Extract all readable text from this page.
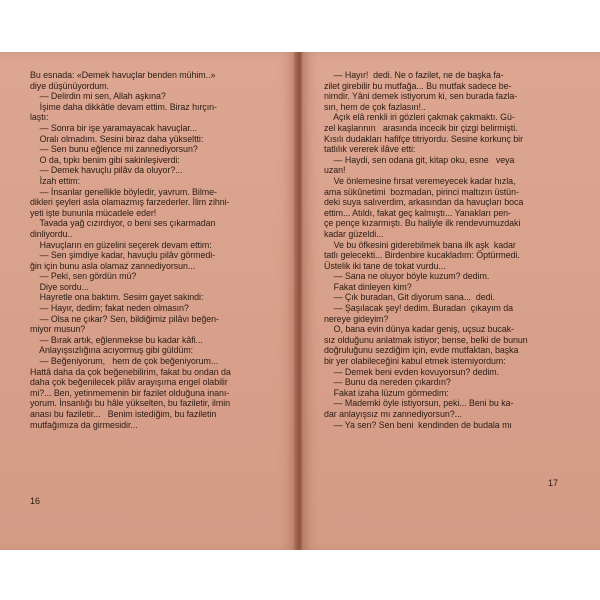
Bu esnada: «Demek havuçlar benden mühim..»
diye düşünüyordum.
— Delirdin mi sen, Allah aşkına?
İşime daha dikkâtle devam ettim. Biraz hırçın-
laştı:
— Sonra bir işe yaramayacak havuçlar...
Oralı olmadım. Sesini biraz daha yükseltti:
— Sen bunu eğlence mi zannediyorsun?
O da, tıpkı benim gibi sakinleşiverdi:
— Demek havuçlu pilâv da oluyor?...
İzah ettim:
— İnsanlar genellikle böyledir, yavrum. Bilme-
dikleri şeyleri asla olamazmış farzederler. İlim zihni-
yeti işte bununla mücadele eder!
Tavada yağ cızırdıyor, o beni ses çıkarmadan
dinliyordu..
Havuçların en güzelini seçerek devam ettim:
— Sen şimdiye kadar, havuçlu pilâv görmedi-
ğin için bunu asla olamaz zannediyorsun...
— Peki, sen gördün mü?
Diye sordu...
Hayretle ona baktım. Sesim gayet sakindi:
— Hayır, dedim; fakat neden olmasın?
— Olsa ne çıkar? Sen, bildiğimiz pilâvı beğen-
miyor musun?
— Bırak artık, eğlenmekse bu kadar kâfi...
Anlayışsızlığına acıyormuş gibi güldüm:
— Beğeniyorum,   hem de çok beğeniyorum...
Hattâ daha da çok beğenebilirim, fakat bu ondan da
daha çok beğenilecek pilâv arayışıma engel olabilir
mi?... Ben, yetinmemenin bir fazilet olduğuna inanı-
yorum. İnsanlığı bu hâle yükselten, bu faziletir, ilmin
anası bu faziletir...   Benim istediğim, bu faziletin
mutfağımıza da girmesidir...
16
— Hayır!  dedi. Ne o fazilet, ne de başka fa-
zilet girebilir bu mutfağa... Bu mutfak sadece be-
nimdir. Yâni demek istiyorum ki, sen burada fazla-
sın, hem de çok fazlasın!..
Açık elâ renkli iri gözleri çakmak çakmaktı. Gü-
zel kaşlarının   arasında incecik bir çizgi belirmişti.
Kısılı dudakları hafifçe titriyordu. Sesine korkunç bir
tatlılık vererek ilâve etti:
— Haydi, sen odana git, kitap oku, esne   veya
uzan!
Ve önlemesine fırsat veremeyecek kadar hızla,
ama sükûnetimi  bozmadan, pirinci maltızın üstün-
deki suya salıverdim, arkasından da havuçları boca
ettim... Atıldı, fakat geç kalmıştı... Yanakları pen-
çe pençe kızarmıştı. Bu haliyle ilk rendevumuzdaki
kadar güzeldi...
Ve bu öfkesini giderebilmek bana ilk aşk  kadar
tatlı gelecekti... Birdenbire kucakladım: Öptürmedi.
Üstelik iki tane de tokat vurdu...
— Sana ne oluyor böyle kuzum? dedim.
Fakat dinleyen kim?
— Çık buradan, Git diyorum sana...  dedi.
— Şaşılacak şey! dedim. Buradan  çıkayım da
nereye gideyim?
O, bana evin dünya kadar geniş, uçsuz bucak-
sız olduğunu anlatmak istiyor; bense, belki de bunun
doğruluğunu sezdiğim için, evde mutfaktan, başka
bir yer olabileceğini kabul etmek istemiyordum:
— Demek beni evden kovuyorsun? dedim.
— Bunu da nereden çıkardın?
Fakat izaha lüzum görmedim:
— Mademki öyle istiyorsun, peki... Beni bu ka-
dar anlayışsız mı zannediyorsun?...
— Ya sen? Sen beni  kendinden de budala mı
17
